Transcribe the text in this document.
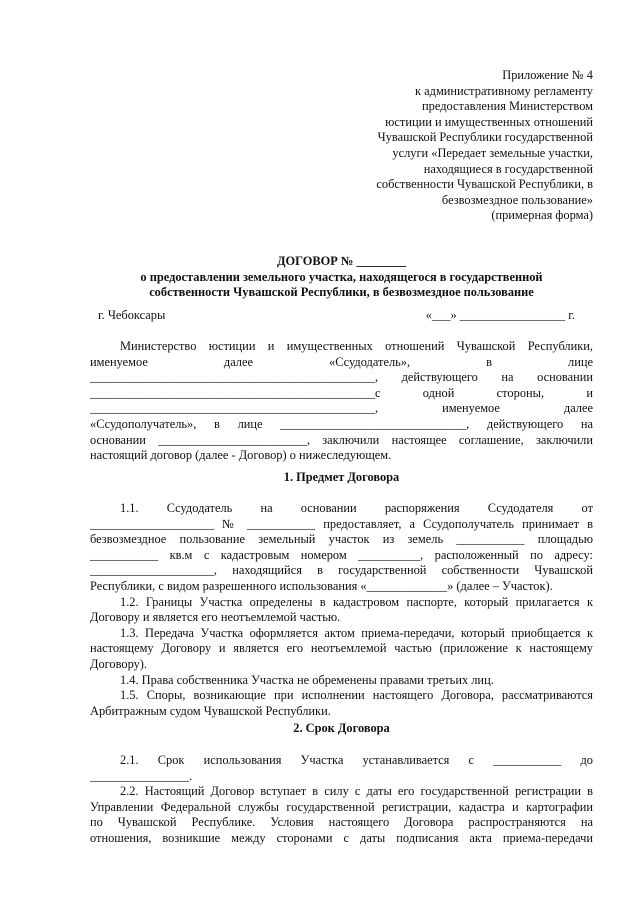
Приложение № 4
к административному регламенту
предоставления Министерством
юстиции и имущественных отношений
Чувашской Республики государственной
услуги «Передает земельные участки,
находящиеся в государственной
собственности Чувашской Республики, в
безвозмездное пользование»
(примерная форма)
ДОГОВОР № ________
о предоставлении земельного участка, находящегося в государственной
собственности Чувашской Республики, в безвозмездное пользование
г. Чебоксары	«___» _________________ г.
Министерство юстиции и имущественных отношений Чувашской Республики,
именуемое далее «Ссудодатель», в лице
______________________________________________, действующего на основании
______________________________________________с одной стороны, и
______________________________________________, именуемое далее
«Ссудополучатель», в лице ______________________________, действующего на
основании ________________________, заключили настоящее соглашение, заключили
настоящий договор (далее - Договор) о нижеследующем.
1. Предмет Договора
1.1. Ссудодатель на основании распоряжения Ссудодателя от
____________________ № ___________ предоставляет, а Ссудополучатель принимает в
безвозмездное пользование земельный участок из земель ___________ площадью
___________ кв.м с кадастровым номером __________, расположенный по адресу:
____________________, находящийся в государственной собственности Чувашской
Республики, с видом разрешенного использования «_____________» (далее – Участок).
1.2. Границы Участка определены в кадастровом паспорте, который прилагается к
Договору и является его неотъемлемой частью.
1.3. Передача Участка оформляется актом приема-передачи, который приобщается к
настоящему Договору и является его неотъемлемой частью (приложение к настоящему
Договору).
1.4. Права собственника Участка не обременены правами третьих лиц.
1.5. Споры, возникающие при исполнении настоящего Договора, рассматриваются
Арбитражным судом Чувашской Республики.
2. Срок Договора
2.1. Срок использования Участка устанавливается с ___________ до
________________.
2.2. Настоящий Договор вступает в силу с даты его государственной регистрации в
Управлении Федеральной службы государственной регистрации, кадастра и картографии
по Чувашской Республике. Условия настоящего Договора распространяются на
отношения, возникшие между сторонами с даты подписания акта приема-передачи
